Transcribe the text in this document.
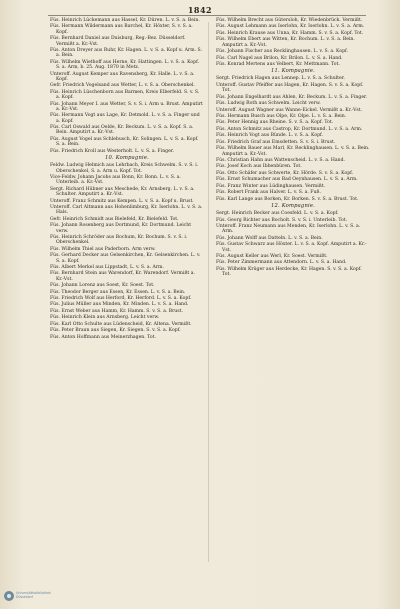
1842
Füs. Heinrich Lückemann aus Hassel, Kr. Düren. L. v. S. a. Bein.
Füs. Hermann Wildermann aus Barchel, Kr. Höxter, S. v. S. a. Kopf.
Füs. Bernhard Daniel aus Duisburg, Reg.-Bez. Düsseldorf. Vermißt a. Kr.-Vst.
Füs. Anton Dreyer aus Ruhr, Kr. Hagen. L. v. S. a. Kopf u. Arm. S. a. Bein.
Füs. Wilhelm Wiethoff aus Herne, Kr. Hattingen. L. v. S. a. Kopf. S. a. Arm, b. 25. Aug. 1870 in Metz.
Unteroff. August Kemper aus Ravensberg, Kr. Halle. L. v. S. a. Kopf.
Gefr. Friedrich Vogelsand aus Wetter, L. v. S. a. Oberschenkel.
Füs. Heinrich Lüschenborn aus Barmen, Kreis Elberfeld. S. v. S. a. Kopf.
Füs. Johann Meyer I. aus Wetter, S. v. S. i. Arm u. Brust. Amputirt a. Kr.-Vst.
Füs. Hermann Vogt aus Lage, Kr. Detmold. L. v. S. a. Finger und a. Kopf.
Füs. Carl Oswald aus Oelde, Kr. Beckum. L. v. S. a. Kopf. S. a. Bein. Amputirt a. Kr.-Vst.
Füs. August Vogel aus Schlebusch, Kr. Solingen. L. v. S. a. Kopf. S. a. Bein.
Füs. Friedrich Kroll aus Westerholt. L. v. S. a. Finger.
10. Kompagnie.
Feldw. Ludwig Helmich aus Lehrbach, Kreis Schwelm. S. v. S. i. Oberschenkel, S. a. Arm u. Kopf. Tot.
Vice-Feldw. Johann Jacobs aus Bonn, Kr. Bonn. L. v. S. a. Unterleib. a. Kr.-Vst.
Sergt. Richard Hübner aus Meschede, Kr. Arnsberg. L. v. S. a. Schulter. Amputirt a. Kr.-Vst.
Unteroff. Franz Schmitz aus Kempen. L. v. S. a. Kopf u. Brust.
Unteroff. Carl Altmann aus Hohenlimburg, Kr. Iserlohn. L. v. S. a. Hals.
Gefr. Heinrich Schmidt aus Bielefeld, Kr. Bielefeld. Tot.
Füs. Johann Rosenberg aus Dortmund, Kr. Dortmund. Leicht verw.
Füs. Heinrich Schröder aus Bochum, Kr. Bochum. S. v. S. i. Oberschenkel.
Füs. Wilhelm Thiel aus Paderborn. Arm verw.
Füs. Gerhard Decker aus Gelsenkirchen, Kr. Gelsenkirchen. L. v. S. a. Kopf.
Füs. Albert Merkel aus Lippstadt, L. v. S. a. Arm.
Füs. Bernhard Stein aus Warendorf, Kr. Warendorf. Vermißt a. Kr.-Vst.
Füs. Johann Lorenz aus Soest, Kr. Soest. Tot.
Füs. Theodor Berger aus Essen, Kr. Essen. L. v. S. a. Bein.
Füs. Friedrich Wolf aus Herford, Kr. Herford. L. v. S. a. Kopf.
Füs. Julius Müller aus Minden, Kr. Minden. L. v. S. a. Hand.
Füs. Ernst Weber aus Hamm, Kr. Hamm. S. v. S. a. Brust.
Füs. Heinrich Klein aus Arnsberg. Leicht verw.
Füs. Karl Otto Schulte aus Lüdenscheid, Kr. Altena. Vermißt.
Füs. Peter Braun aus Siegen, Kr. Siegen. S. v. S. a. Kopf.
Füs. Anton Hoffmann aus Meinerzhagen. Tot.
Füs. Wilhelm Brecht aus Gütersloh, Kr. Wiedenbrück. Vermißt.
Füs. August Lehmann aus Iserlohn, Kr. Iserlohn. L. v. S. a. Arm.
Füs. Heinrich Krause aus Unna, Kr. Hamm. S. v. S. a. Kopf. Tot.
Füs. Wilhelm Ebert aus Witten, Kr. Bochum. L. v. S. a. Bein. Amputirt a. Kr.-Vst.
Füs. Johann Fischer aus Recklinghausen. L. v. S. a. Kopf.
Füs. Carl Nagel aus Brilon, Kr. Brilon. L. v. S. a. Hand.
Füs. Konrad Mertens aus Velbert, Kr. Mettmann. Tot.
11. Kompagnie.
Sergt. Friedrich Hagen aus Lennep. L. v. S. a. Schulter.
Unteroff. Gustav Pfeiffer aus Hagen, Kr. Hagen. S. v. S. a. Kopf. Tot.
Füs. Johann Engelhardt aus Ahlen, Kr. Beckum. L. v. S. a. Finger.
Füs. Ludwig Roth aus Schwelm. Leicht verw.
Unteroff. August Wagner aus Wanne-Eickel. Vermißt a. Kr.-Vst.
Füs. Hermann Busch aus Olpe, Kr. Olpe. L. v. S. a. Bein.
Füs. Peter Hennig aus Rheine. S. v. S. a. Kopf. Tot.
Füs. Anton Schmitz aus Castrop, Kr. Dortmund. L. v. S. a. Arm.
Füs. Heinrich Vogt aus Bünde. L. v. S. a. Kopf.
Füs. Friedrich Graf aus Emsdetten. S. v. S. i. Brust.
Füs. Wilhelm Bauer aus Marl, Kr. Recklinghausen. L. v. S. a. Bein. Amputirt a. Kr.-Vst.
Füs. Christian Hahn aus Wattenscheid. L. v. S. a. Hand.
Füs. Josef Koch aus Ibbenbüren. Tot.
Füs. Otto Schäfer aus Schwerte, Kr. Hörde. S. v. S. a. Kopf.
Füs. Ernst Schumacher aus Bad Oeynhausen. L. v. S. a. Arm.
Füs. Franz Winter aus Lüdinghausen. Vermißt.
Füs. Robert Frank aus Halver. L. v. S. a. Fuß.
Füs. Karl Lange aus Borken, Kr. Borken. S. v. S. a. Brust. Tot.
12. Kompagnie.
Sergt. Heinrich Becker aus Coesfeld. L. v. S. a. Kopf.
Füs. Georg Richter aus Bocholt. S. v. S. i. Unterleib. Tot.
Unteroff. Franz Neumann aus Menden, Kr. Iserlohn. L. v. S. a. Arm.
Füs. Johann Wolff aus Datteln. L. v. S. a. Bein.
Füs. Gustav Schwarz aus Höxter. L. v. S. a. Kopf. Amputirt a. Kr.-Vst.
Füs. August Keller aus Werl, Kr. Soest. Vermißt.
Füs. Peter Zimmermann aus Attendorn. L. v. S. a. Hand.
Füs. Wilhelm Krüger aus Herdecke, Kr. Hagen. S. v. S. a. Kopf. Tot.
Universitätsbibliothek
Düsseldorf
